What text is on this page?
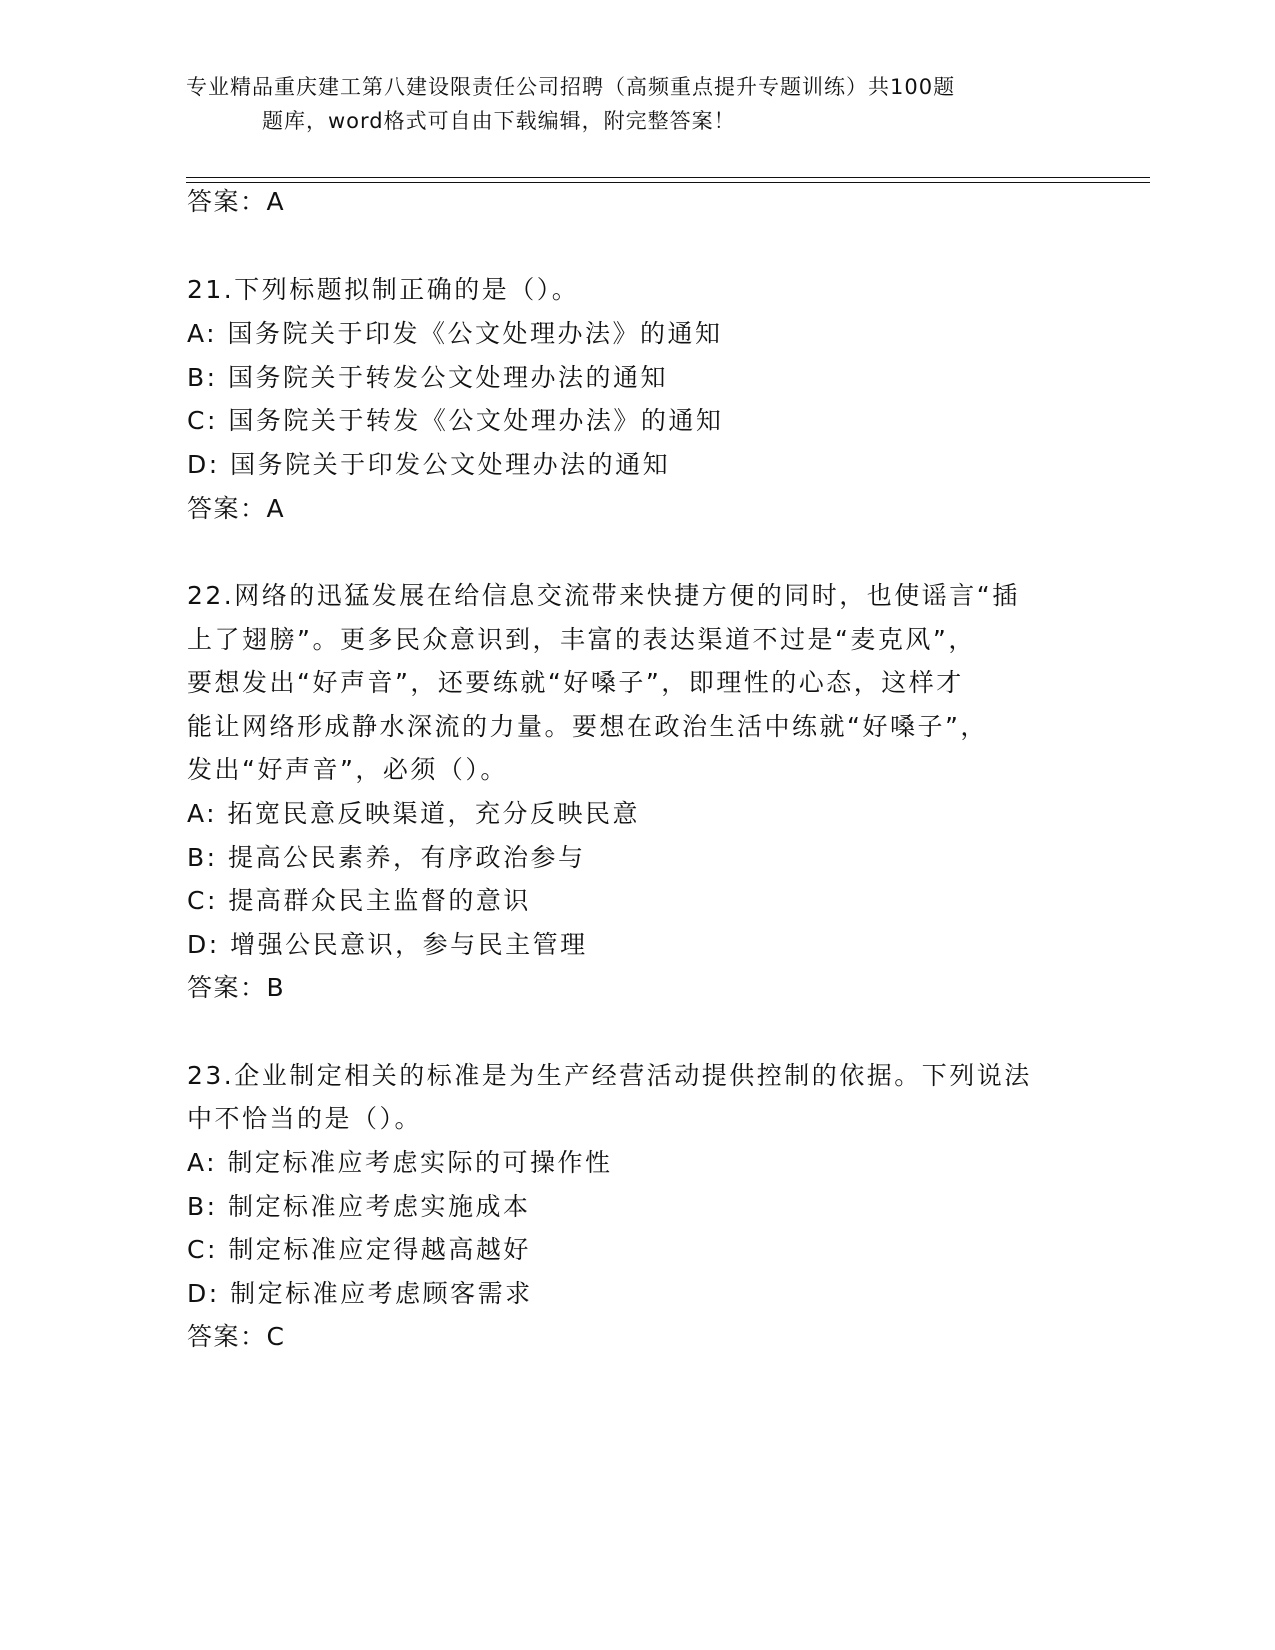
专业精品重庆建工第八建设限责任公司招聘（高频重点提升专题训练）共100题
题库，word格式可自由下载编辑，附完整答案！
答案：A
21.下列标题拟制正确的是（）。
A: 国务院关于印发《公文处理办法》的通知
B: 国务院关于转发公文处理办法的通知
C: 国务院关于转发《公文处理办法》的通知
D: 国务院关于印发公文处理办法的通知
答案：A
22.网络的迅猛发展在给信息交流带来快捷方便的同时，也使谣言“插
上了翅膀”。更多民众意识到，丰富的表达渠道不过是“麦克风”，
要想发出“好声音”，还要练就“好嗓子”，即理性的心态，这样才
能让网络形成静水深流的力量。要想在政治生活中练就“好嗓子”，
发出“好声音”，必须（）。
A: 拓宽民意反映渠道，充分反映民意
B: 提高公民素养，有序政治参与
C: 提高群众民主监督的意识
D: 增强公民意识，参与民主管理
答案：B
23.企业制定相关的标准是为生产经营活动提供控制的依据。下列说法
中不恰当的是（）。
A: 制定标准应考虑实际的可操作性
B: 制定标准应考虑实施成本
C: 制定标准应定得越高越好
D: 制定标准应考虑顾客需求
答案：C
